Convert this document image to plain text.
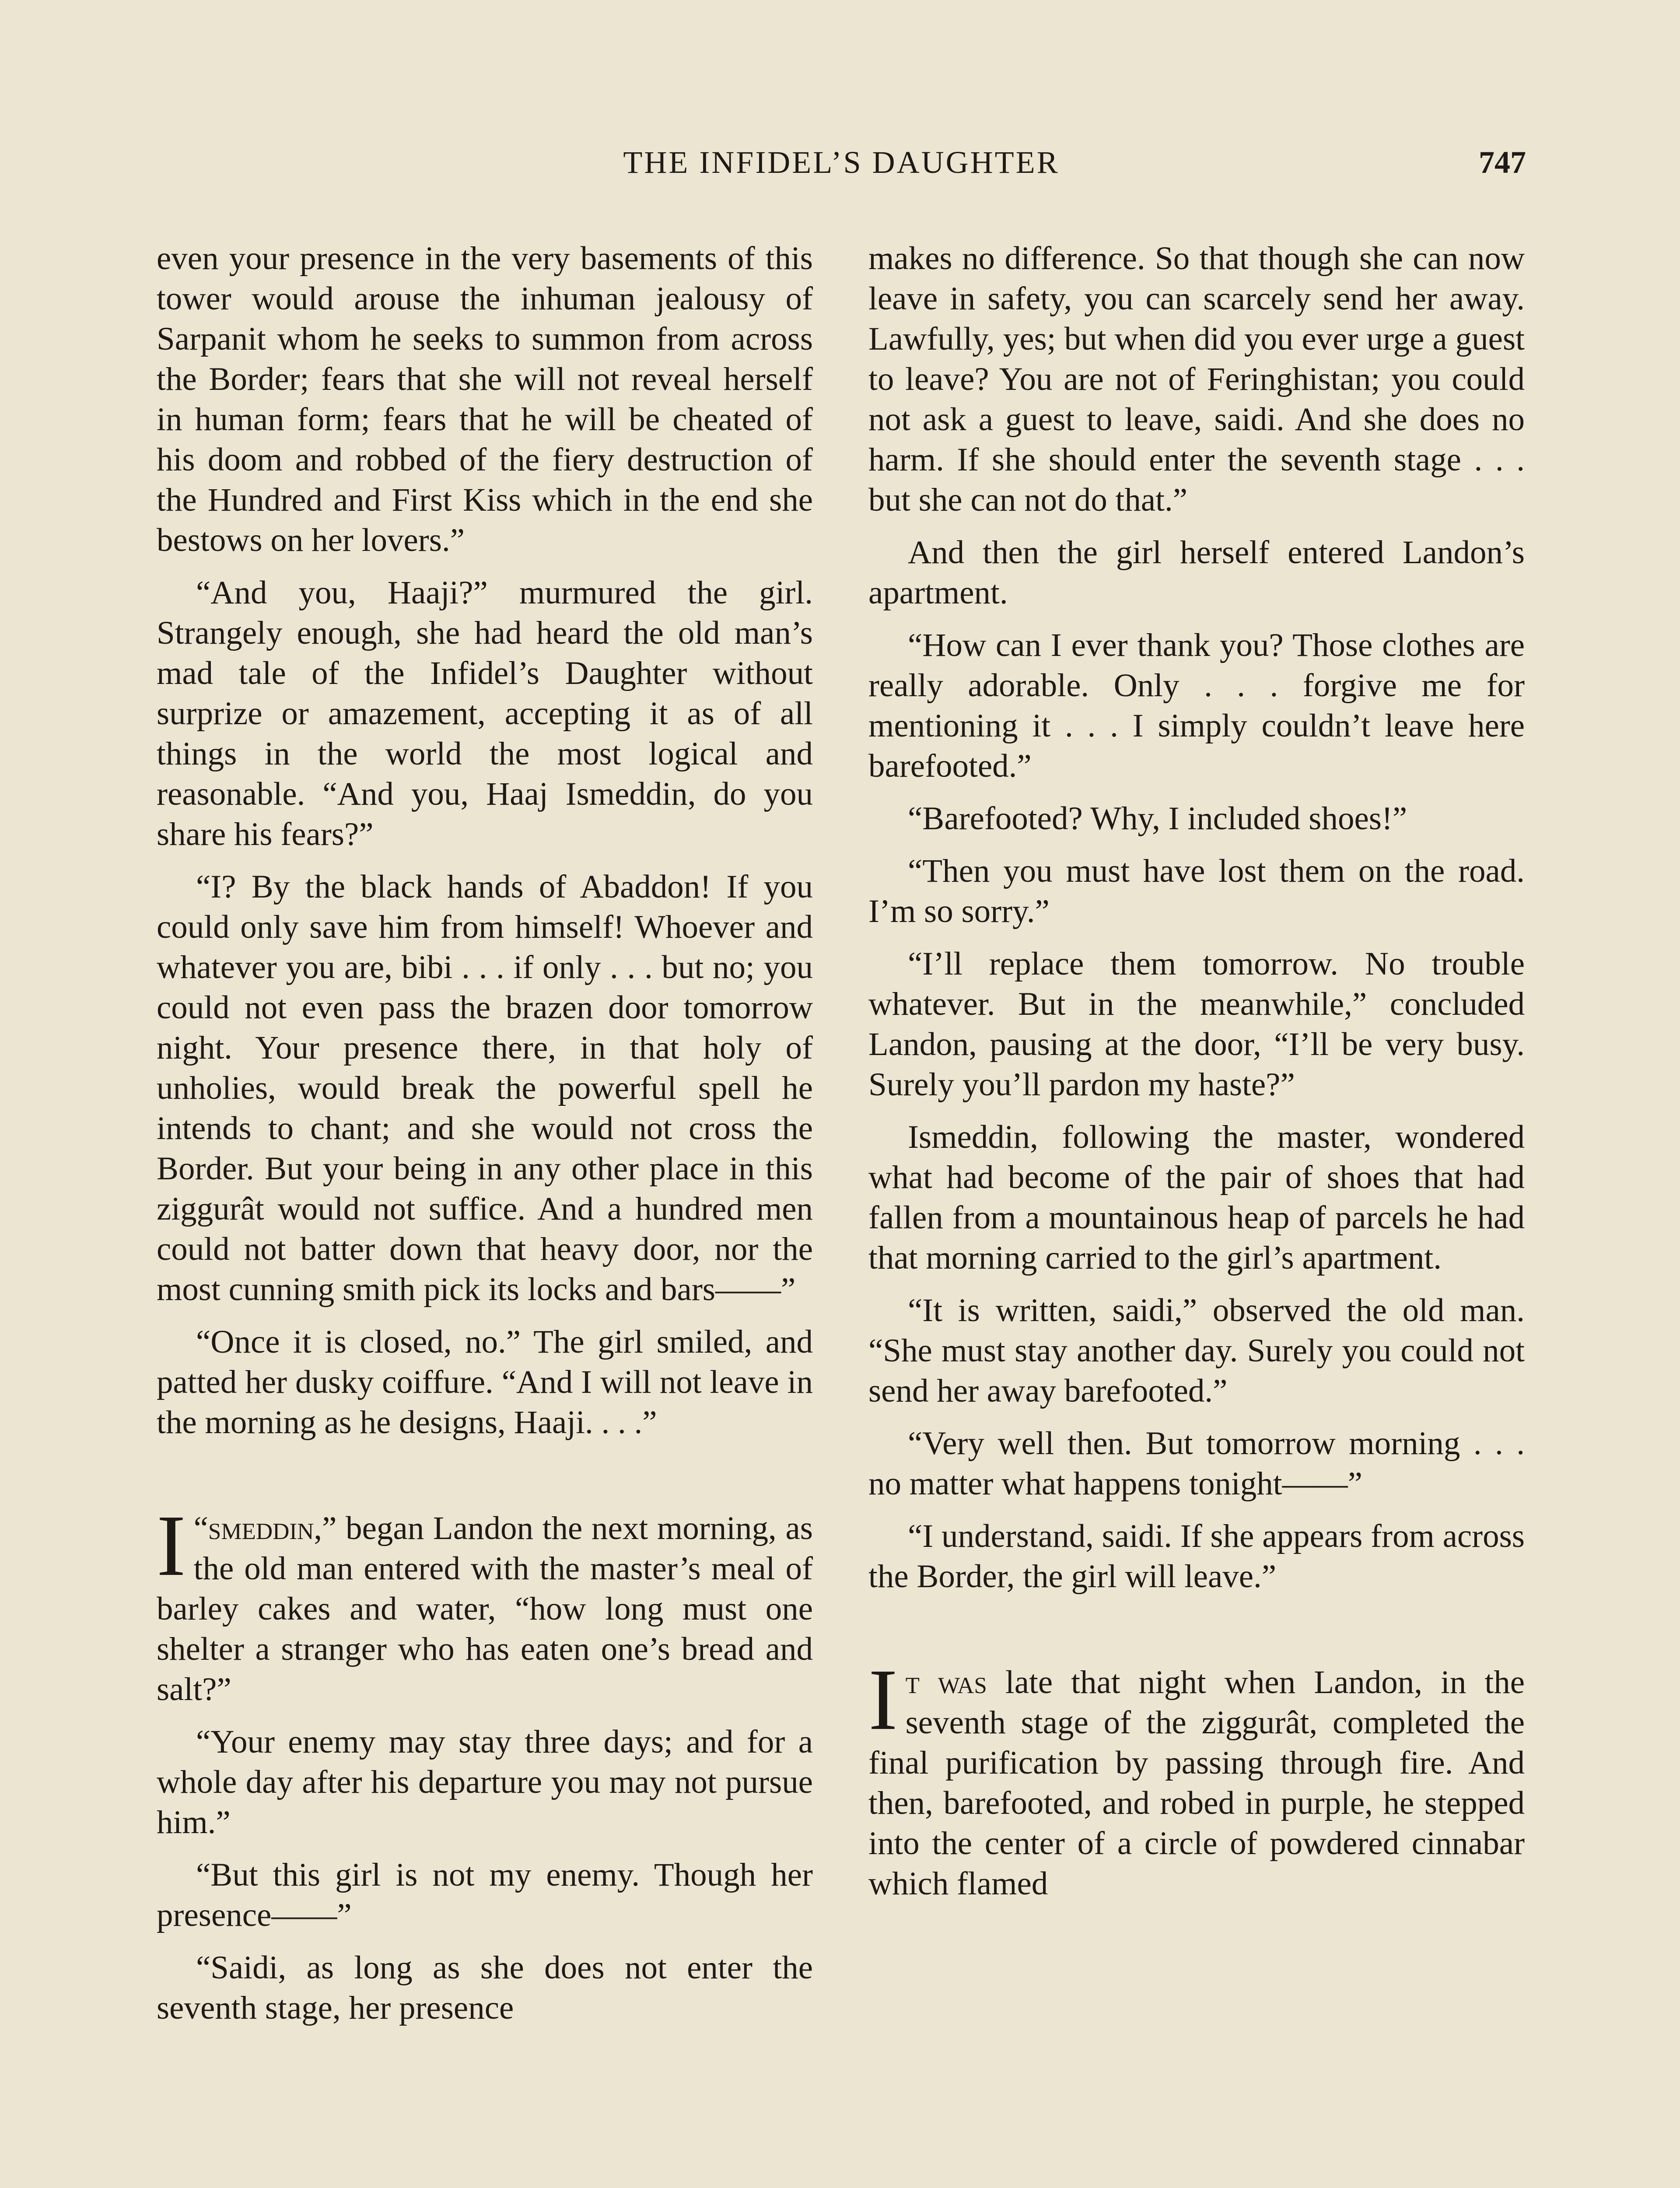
THE INFIDEL’S DAUGHTER	747

even your presence in the very basements of this tower would arouse the inhuman jealousy of Sarpanit whom he seeks to summon from across the Border; fears that she will not reveal herself in human form; fears that he will be cheated of his doom and robbed of the fiery destruction of the Hundred and First Kiss which in the end she bestows on her lovers.”

“And you, Haaji?” murmured the girl. Strangely enough, she had heard the old man’s mad tale of the Infidel’s Daughter without surprize or amazement, accepting it as of all things in the world the most logical and reasonable. “And you, Haaj Ismeddin, do you share his fears?”

“I? By the black hands of Abaddon! If you could only save him from himself! Whoever and whatever you are, bibi . . . if only . . . but no; you could not even pass the brazen door tomorrow night. Your presence there, in that holy of unholies, would break the powerful spell he intends to chant; and she would not cross the Border. But your being in any other place in this ziggurât would not suffice. And a hundred men could not batter down that heavy door, nor the most cunning smith pick its locks and bars——”

“Once it is closed, no.” The girl smiled, and patted her dusky coiffure. “And I will not leave in the morning as he designs, Haaji. . . .”

“
I smeddin,” began Landon the next morning, as the old man entered with the master’s meal of barley cakes and water, “how long must one shelter a stranger who has eaten one’s bread and salt?”

“Your enemy may stay three days; and for a whole day after his departure you may not pursue him.”

“But this girl is not my enemy. Though her presence——”

“Saidi, as long as she does not enter the seventh stage, her presence

makes no difference. So that though she can now leave in safety, you can scarcely send her away. Lawfully, yes; but when did you ever urge a guest to leave? You are not of Feringhistan; you could not ask a guest to leave, saidi. And she does no harm. If she should enter the seventh stage . . . but she can not do that.”

And then the girl herself entered Landon’s apartment.

“How can I ever thank you? Those clothes are really adorable. Only . . . forgive me for mentioning it . . . I simply couldn’t leave here barefooted.”

“Barefooted? Why, I included shoes!”

“Then you must have lost them on the road. I’m so sorry.”

“I’ll replace them tomorrow. No trouble whatever. But in the meanwhile,” concluded Landon, pausing at the door, “I’ll be very busy. Surely you’ll pardon my haste?”

Ismeddin, following the master, wondered what had become of the pair of shoes that had fallen from a mountainous heap of parcels he had that morning carried to the girl’s apartment.

“It is written, saidi,” observed the old man. “She must stay another day. Surely you could not send her away barefooted.”

“Very well then. But tomorrow morning . . . no matter what happens tonight——”

“I understand, saidi. If she appears from across the Border, the girl will leave.”

It was late that night when Landon, in the seventh stage of the ziggurât, completed the final purification by passing through fire. And then, barefooted, and robed in purple, he stepped into the center of a circle of powdered cinnabar which flamed
